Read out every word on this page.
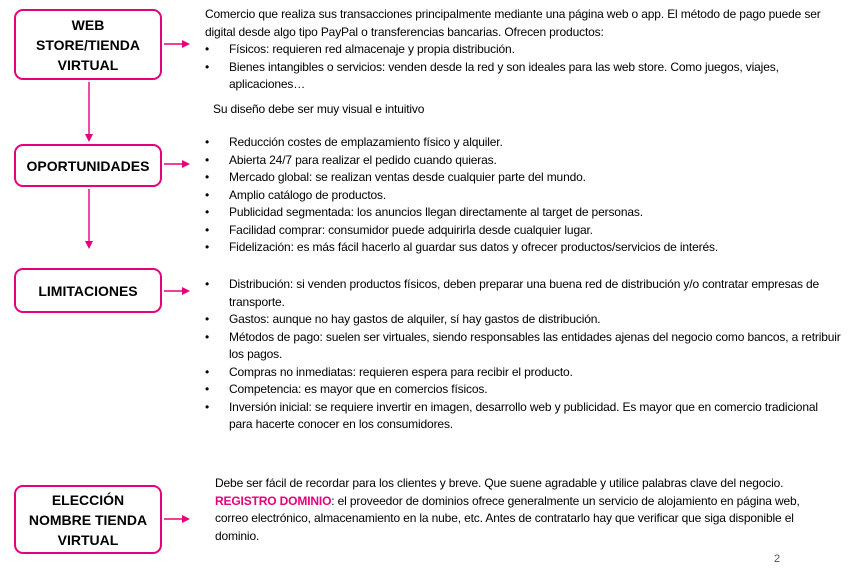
WEB
STORE/TIENDA
VIRTUAL
OPORTUNIDADES
LIMITACIONES
ELECCIÓN
NOMBRE TIENDA
VIRTUAL

Comercio que realiza sus transacciones principalmente mediante una página web o app. El método de pago puede ser digital desde algo tipo PayPal o transferencias bancarias. Ofrecen productos:

• Físicos: requieren red almacenaje y propia distribución.
• Bienes intangibles o servicios: venden desde la red y son ideales para las web store. Como juegos, viajes, aplicaciones…
Su diseño debe ser muy visual e intuitivo
• Reducción costes de emplazamiento físico y alquiler.
• Abierta 24/7 para realizar el pedido cuando quieras.
• Mercado global: se realizan ventas desde cualquier parte del mundo.
• Amplio catálogo de productos.
• Publicidad segmentada: los anuncios llegan directamente al target de personas.
• Facilidad comprar: consumidor puede adquirirla desde cualquier lugar.
• Fidelización: es más fácil hacerlo al guardar sus datos y ofrecer productos/servicios de interés.
• Distribución: si venden productos físicos, deben preparar una buena red de distribución y/o contratar empresas de transporte.
• Gastos: aunque no hay gastos de alquiler, sí hay gastos de distribución.
• Métodos de pago: suelen ser virtuales, siendo responsables las entidades ajenas del negocio como bancos, a retribuir los pagos.
• Compras no inmediatas: requieren espera para recibir el producto.
• Competencia: es mayor que en comercios físicos.
• Inversión inicial: se requiere invertir en imagen, desarrollo web y publicidad. Es mayor que en comercio tradicional para hacerte conocer en los consumidores.

Debe ser fácil de recordar para los clientes y breve. Que suene agradable y utilice palabras clave del negocio.

REGISTRO DOMINIO: el proveedor de dominios ofrece generalmente un servicio de alojamiento en página web, correo electrónico, almacenamiento en la nube, etc. Antes de contratarlo hay que verificar que siga disponible el dominio.

2
